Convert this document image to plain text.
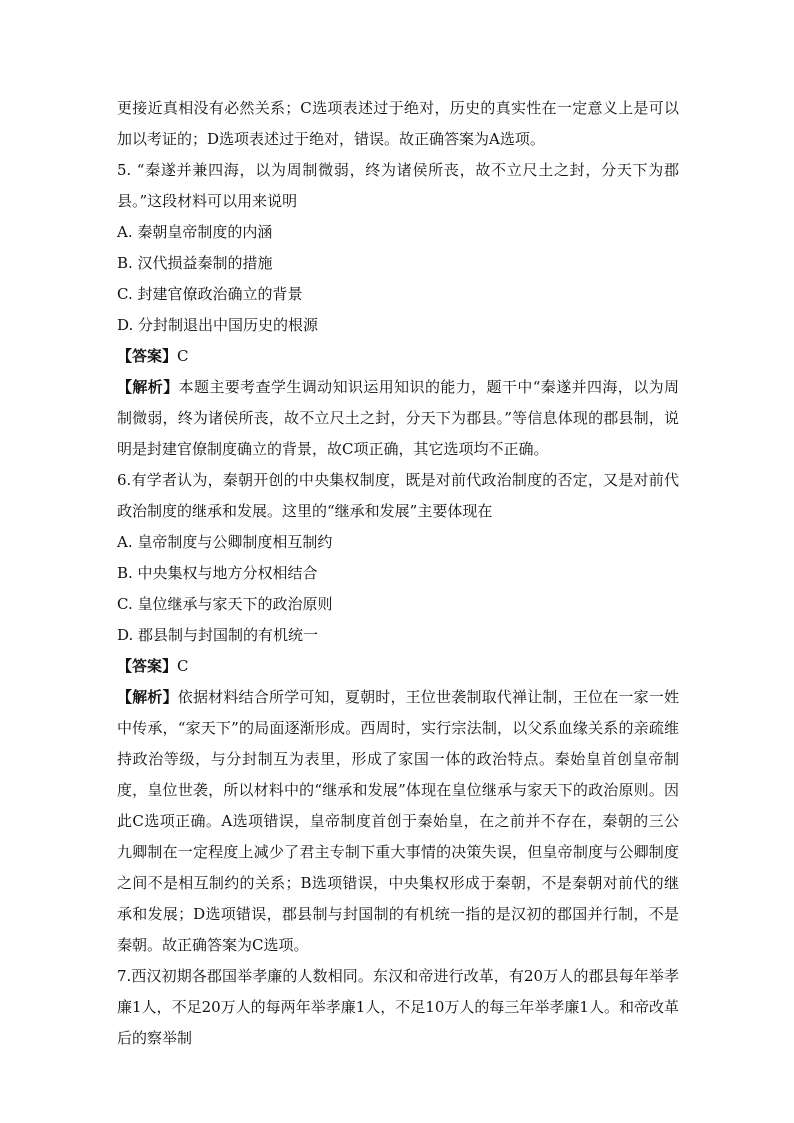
更接近真相没有必然关系；C选项表述过于绝对，历史的真实性在一定意义上是可以加以考证的；D选项表述过于绝对，错误。故正确答案为A选项。

5. “秦遂并兼四海，以为周制微弱，终为诸侯所丧，故不立尺土之封，分天下为郡县。”这段材料可以用来说明

A. 秦朝皇帝制度的内涵

B. 汉代损益秦制的措施

C. 封建官僚政治确立的背景

D. 分封制退出中国历史的根源

【答案】C

【解析】本题主要考查学生调动知识运用知识的能力，题干中“秦遂并四海，以为周制微弱，终为诸侯所丧，故不立尺土之封，分天下为郡县。”等信息体现的郡县制，说明是封建官僚制度确立的背景，故C项正确，其它选项均不正确。

6.有学者认为，秦朝开创的中央集权制度，既是对前代政治制度的否定，又是对前代政治制度的继承和发展。这里的“继承和发展”主要体现在

A. 皇帝制度与公卿制度相互制约

B. 中央集权与地方分权相结合

C. 皇位继承与家天下的政治原则

D. 郡县制与封国制的有机统一

【答案】C

【解析】依据材料结合所学可知，夏朝时，王位世袭制取代禅让制，王位在一家一姓中传承，“家天下”的局面逐渐形成。西周时，实行宗法制，以父系血缘关系的亲疏维持政治等级，与分封制互为表里，形成了家国一体的政治特点。秦始皇首创皇帝制度，皇位世袭，所以材料中的“继承和发展”体现在皇位继承与家天下的政治原则。因此C选项正确。A选项错误，皇帝制度首创于秦始皇，在之前并不存在，秦朝的三公九卿制在一定程度上减少了君主专制下重大事情的决策失误，但皇帝制度与公卿制度之间不是相互制约的关系；B选项错误，中央集权形成于秦朝，不是秦朝对前代的继承和发展；D选项错误，郡县制与封国制的有机统一指的是汉初的郡国并行制，不是秦朝。故正确答案为C选项。

7.西汉初期各郡国举孝廉的人数相同。东汉和帝进行改革，有20万人的郡县每年举孝廉1人，不足20万人的每两年举孝廉1人，不足10万人的每三年举孝廉1人。和帝改革后的察举制
